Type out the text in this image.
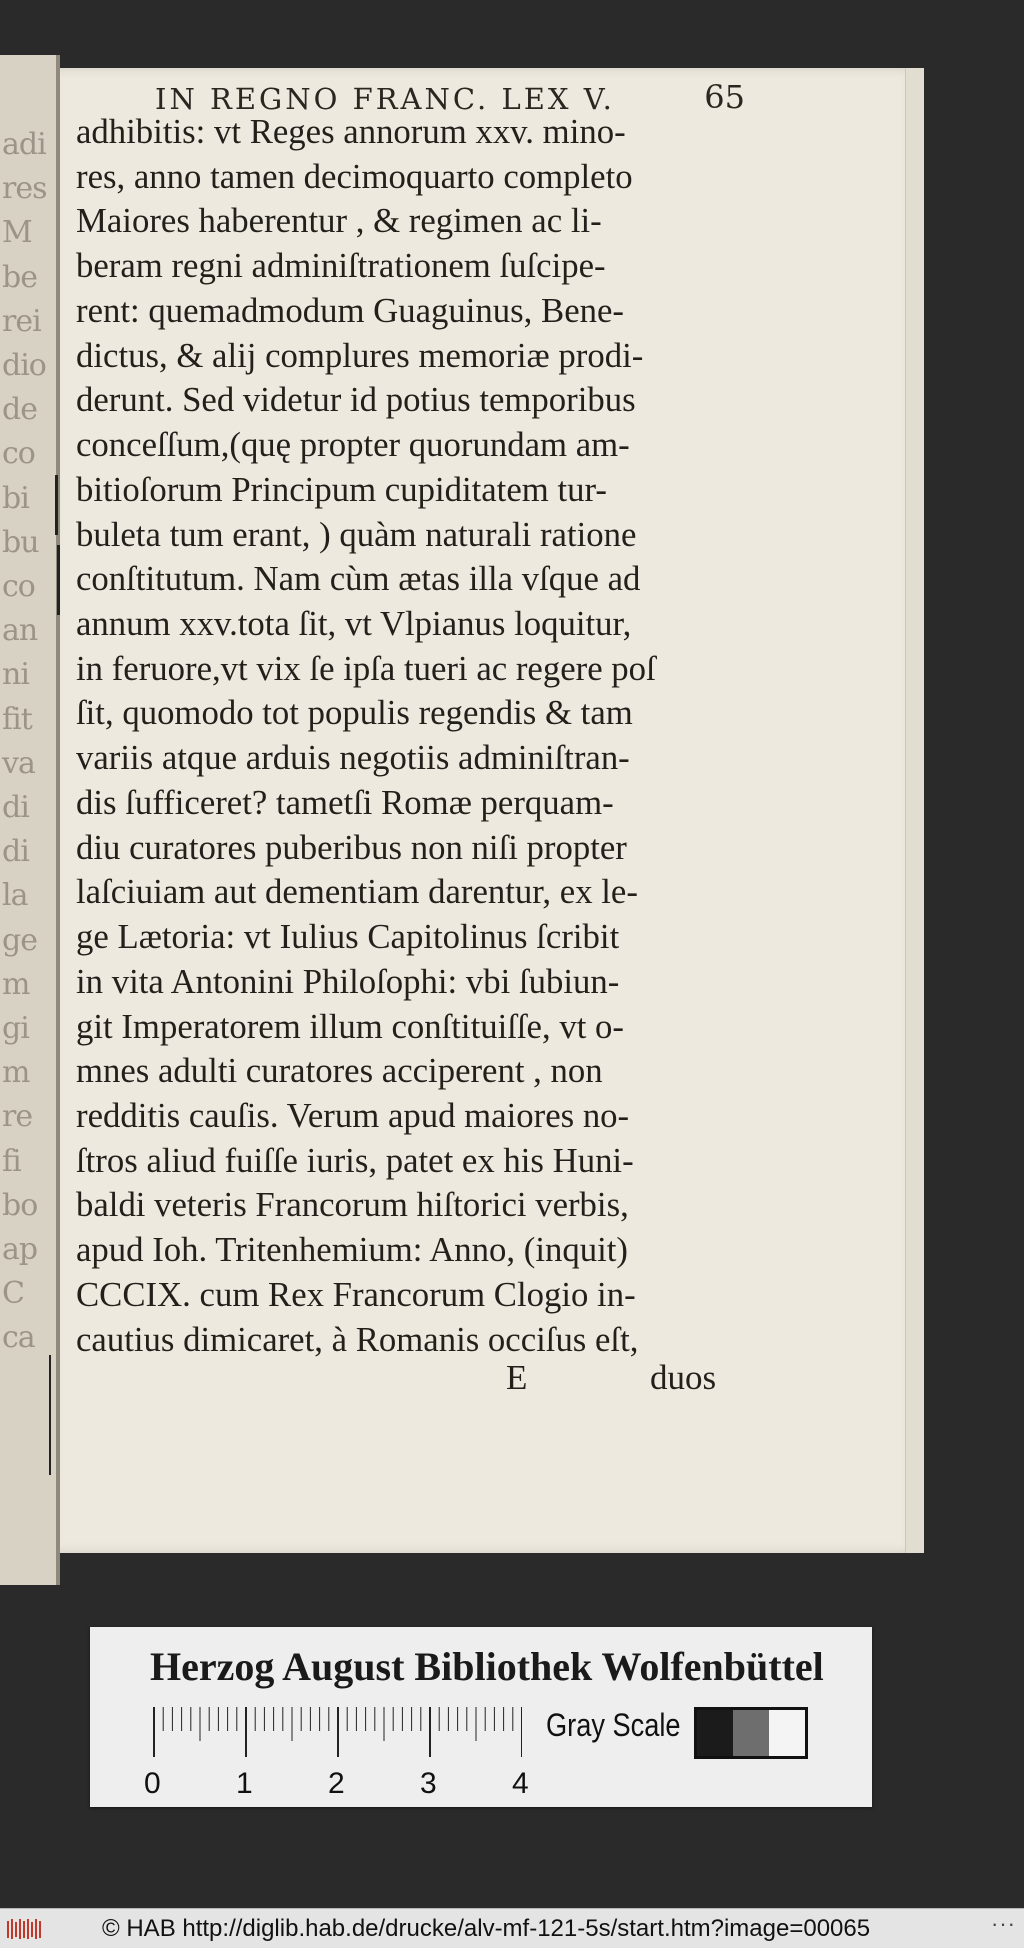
adi
res
M
be
rei
dio
de
co
bi
bu
co
an
ni
fit
va
di
di
la
ge
m
gi
m
re
fi
bo
ap
C
ca
IN REGNO FRANC. LEX V.	65
adhibitis: vt Reges annorum xxv. mino-
res, anno tamen decimoquarto completo
Maiores haberentur , & regimen ac li-
beram regni adminiſtrationem ſuſcipe-
rent: quemadmodum Guaguinus, Bene-
dictus, & alij complures memoriæ prodi-
derunt. Sed videtur id potius temporibus
conceſſum,(quę propter quorundam am-
bitioſorum Principum cupiditatem tur-
buleta tum erant, ) quàm naturali ratione
conſtitutum. Nam cùm ætas illa vſque ad
annum xxv.tota ſit, vt Vlpianus loquitur,
in feruore,vt vix ſe ipſa tueri ac regere poſ
ſit, quomodo tot populis regendis & tam
variis atque arduis negotiis adminiſtran-
dis ſufficeret? tametſi Romæ perquam-
diu curatores puberibus non niſi propter
laſciuiam aut dementiam darentur, ex le-
ge Lætoria: vt Iulius Capitolinus ſcribit
in vita Antonini Philoſophi: vbi ſubiun-
git Imperatorem illum conſtituiſſe, vt o-
mnes adulti curatores acciperent , non
redditis cauſis. Verum apud maiores no-
ſtros aliud fuiſſe iuris, patet ex his Huni-
baldi veteris Francorum hiſtorici verbis,
apud Ioh. Tritenhemium: Anno, (inquit)
CCCIX. cum Rex Francorum Clogio in-
cautius dimicaret, à Romanis occiſus eſt,
E	duos
Herzog August Bibliothek Wolfenbüttel
Gray Scale
0	1	2	3	4
© HAB http://diglib.hab.de/drucke/alv-mf-121-5s/start.htm?image=00065	···
